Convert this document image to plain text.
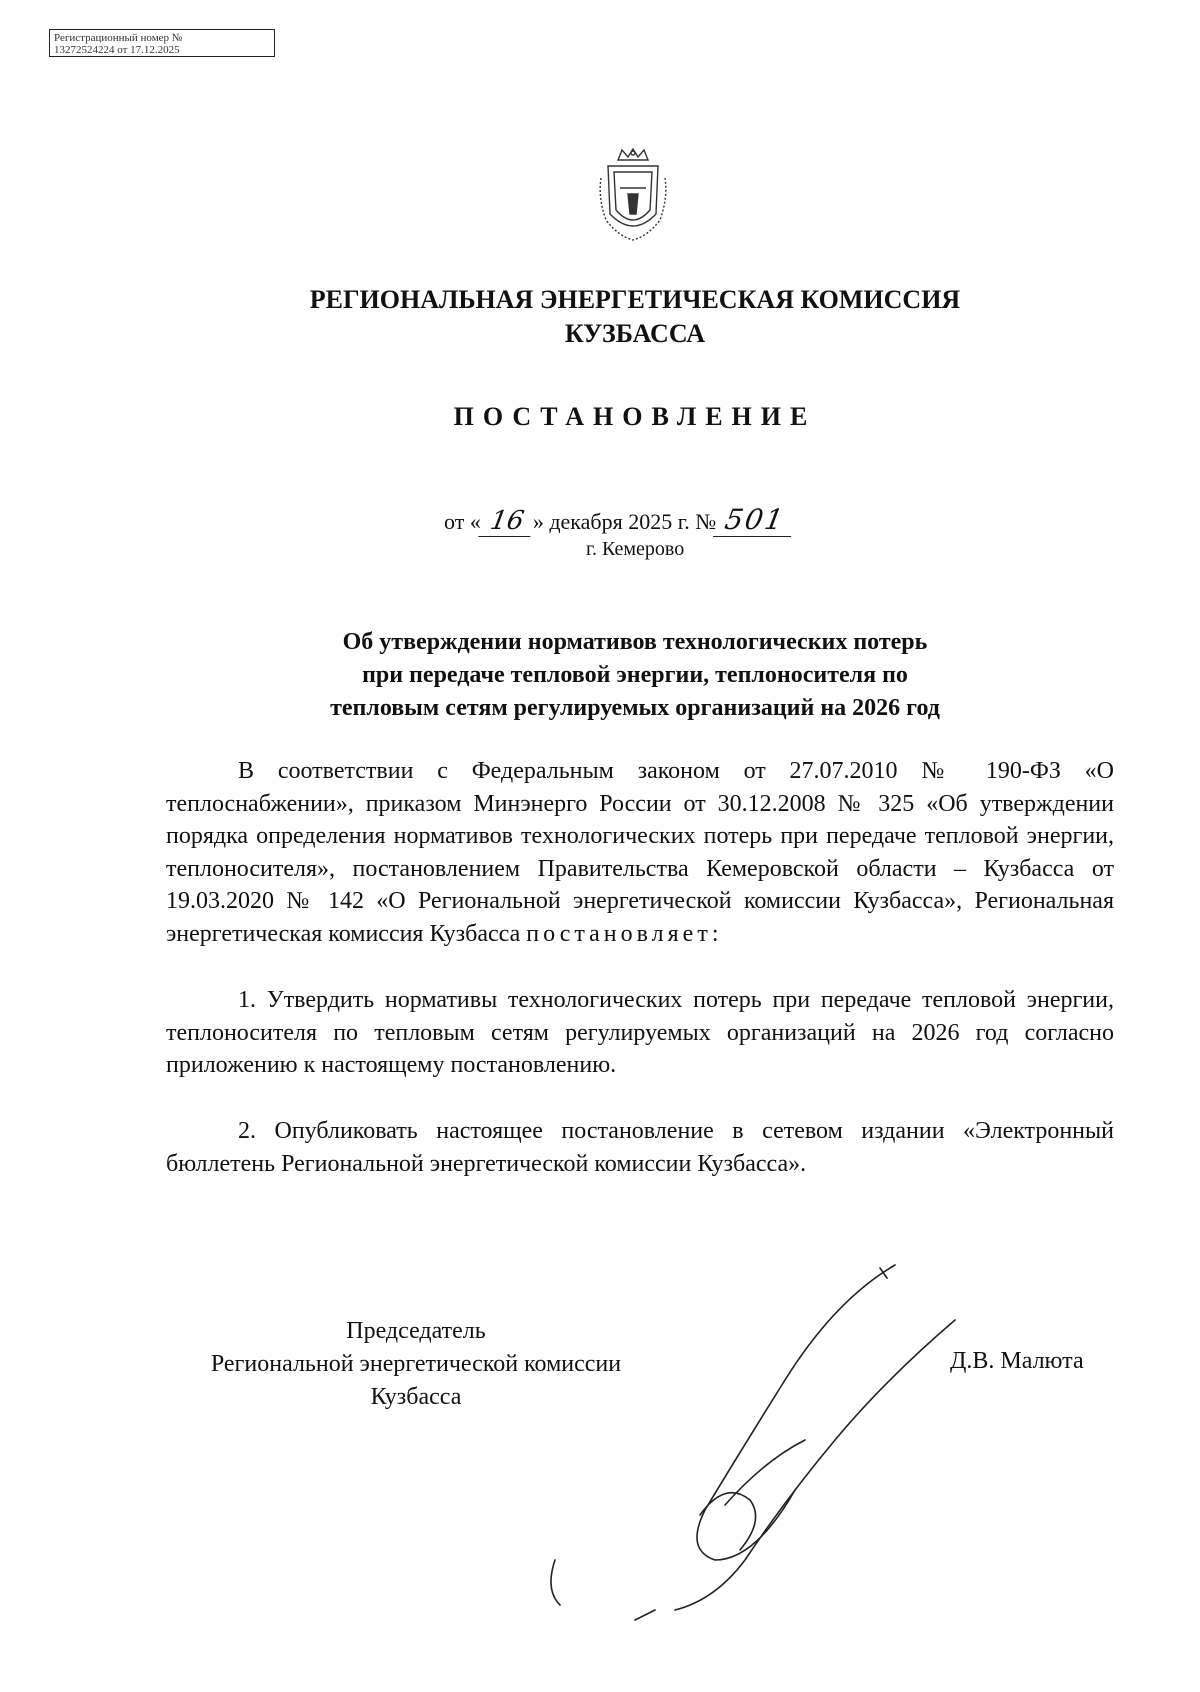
Регистрационный номер №
13272524224 от 17.12.2025
РЕГИОНАЛЬНАЯ ЭНЕРГЕТИЧЕСКАЯ КОМИССИЯ
КУЗБАССА
ПОСТАНОВЛЕНИЕ
от « 16 » декабря 2025 г. № 501
г. Кемерово
Об утверждении нормативов технологических потерь
при передаче тепловой энергии, теплоносителя по
тепловым сетям регулируемых организаций на 2026 год
В соответствии с Федеральным законом от 27.07.2010 № 190-ФЗ «О теплоснабжении», приказом Минэнерго России от 30.12.2008 № 325 «Об утверждении порядка определения нормативов технологических потерь при передаче тепловой энергии, теплоносителя», постановлением Правительства Кемеровской области – Кузбасса от 19.03.2020 № 142 «О Региональной энергетической комиссии Кузбасса», Региональная энергетическая комиссия Кузбасса постановляет:
1. Утвердить нормативы технологических потерь при передаче тепловой энергии, теплоносителя по тепловым сетям регулируемых организаций на 2026 год согласно приложению к настоящему постановлению.
2. Опубликовать настоящее постановление в сетевом издании «Электронный бюллетень Региональной энергетической комиссии Кузбасса».
Председатель
Региональной энергетической комиссии
Кузбасса
Д.В. Малюта
